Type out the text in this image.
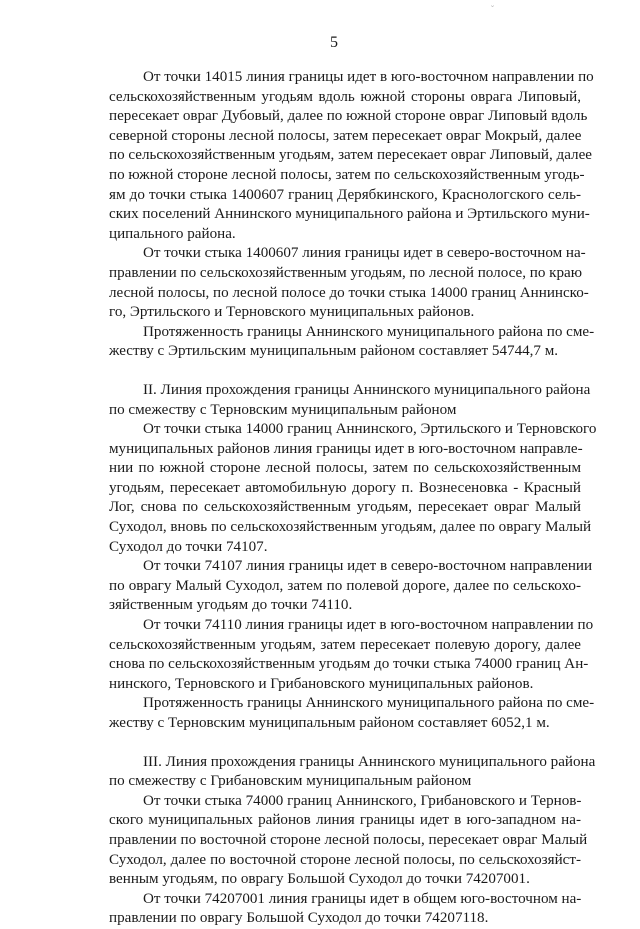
˘
5
От точки 14015 линия границы идет в юго-восточном направлении по
сельскохозяйственным угодьям вдоль южной стороны оврага Липовый,
пересекает овраг Дубовый, далее по южной стороне овраг Липовый вдоль
северной стороны лесной полосы, затем пересекает овраг Мокрый, далее
по сельскохозяйственным угодьям, затем пересекает овраг Липовый, далее
по южной стороне лесной полосы, затем по сельскохозяйственным угодь-
ям до точки стыка 1400607 границ Дерябкинского, Краснологского сель-
ских поселений Аннинского муниципального района и Эртильского муни-
ципального района.
От точки стыка 1400607 линия границы идет в северо-восточном на-
правлении по сельскохозяйственным угодьям, по лесной полосе, по краю
лесной полосы, по лесной полосе до точки стыка 14000 границ Аннинско-
го, Эртильского и Терновского муниципальных районов.
Протяженность границы Аннинского муниципального района по сме-
жеству с Эртильским муниципальным районом составляет 54744,7 м.
II. Линия прохождения границы Аннинского муниципального района
по смежеству с Терновским муниципальным районом
От точки стыка 14000 границ Аннинского, Эртильского и Терновского
муниципальных районов линия границы идет в юго-восточном направле-
нии по южной стороне лесной полосы, затем по сельскохозяйственным
угодьям, пересекает автомобильную дорогу п. Вознесеновка - Красный
Лог, снова по сельскохозяйственным угодьям, пересекает овраг Малый
Суходол, вновь по сельскохозяйственным угодьям, далее по оврагу Малый
Суходол до точки 74107.
От точки 74107 линия границы идет в северо-восточном направлении
по оврагу Малый Суходол, затем по полевой дороге, далее по сельскохо-
зяйственным угодьям до точки 74110.
От точки 74110 линия границы идет в юго-восточном направлении по
сельскохозяйственным угодьям, затем пересекает полевую дорогу, далее
снова по сельскохозяйственным угодьям до точки стыка 74000 границ Ан-
нинского, Терновского и Грибановского муниципальных районов.
Протяженность границы Аннинского муниципального района по сме-
жеству с Терновским муниципальным районом составляет 6052,1 м.
III. Линия прохождения границы Аннинского муниципального района
по смежеству с Грибановским муниципальным районом
От точки стыка 74000 границ Аннинского, Грибановского и Тернов-
ского муниципальных районов линия границы идет в юго-западном на-
правлении по восточной стороне лесной полосы, пересекает овраг Малый
Суходол, далее по восточной стороне лесной полосы, по сельскохозяйст-
венным угодьям, по оврагу Большой Суходол до точки 74207001.
От точки 74207001 линия границы идет в общем юго-восточном на-
правлении по оврагу Большой Суходол до точки 74207118.
